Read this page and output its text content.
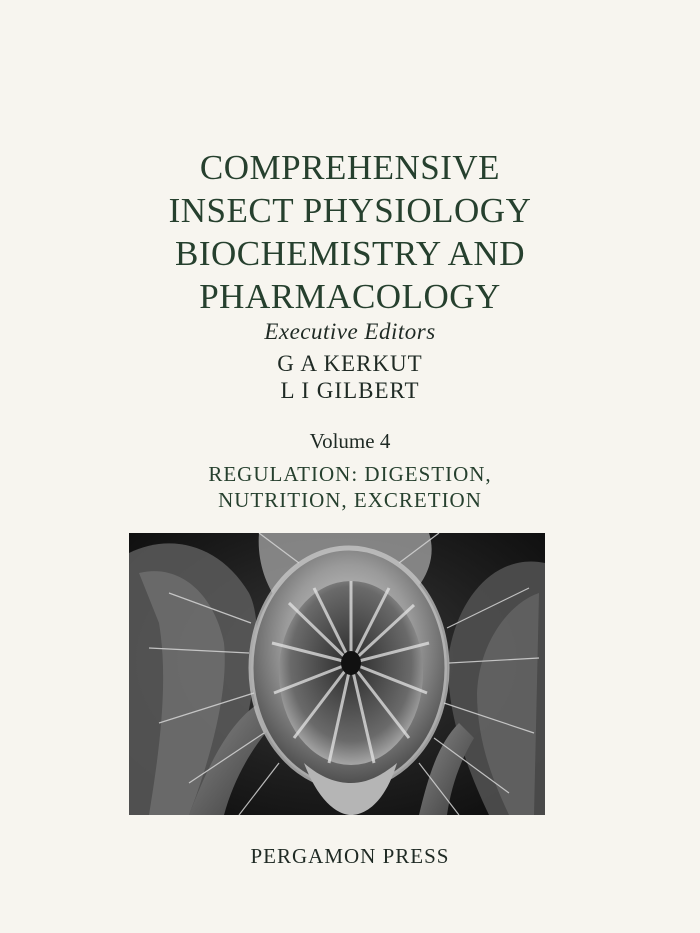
COMPREHENSIVE
INSECT PHYSIOLOGY
BIOCHEMISTRY AND
PHARMACOLOGY
Executive Editors
G A KERKUT
L I GILBERT
Volume 4
REGULATION: DIGESTION,
NUTRITION, EXCRETION
PERGAMON PRESS
